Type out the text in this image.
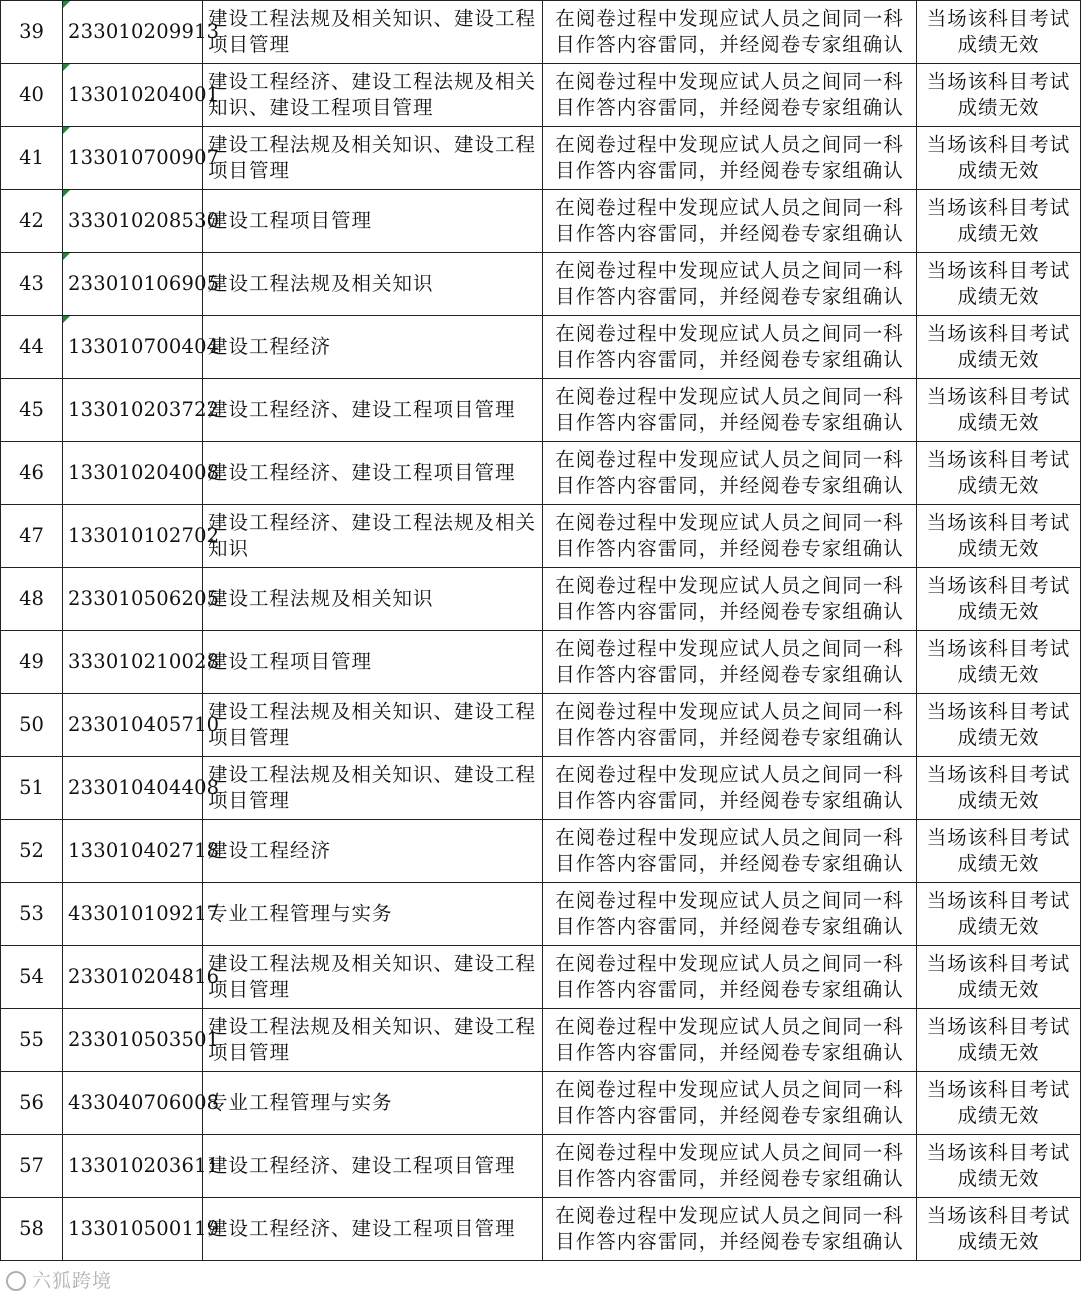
39	233010209913	建设工程法规及相关知识、建设工程项目管理	在阅卷过程中发现应试人员之间同一科目作答内容雷同，并经阅卷专家组确认	当场该科目考试成绩无效
40	133010204001	建设工程经济、建设工程法规及相关知识、建设工程项目管理	在阅卷过程中发现应试人员之间同一科目作答内容雷同，并经阅卷专家组确认	当场该科目考试成绩无效
41	133010700907	建设工程法规及相关知识、建设工程项目管理	在阅卷过程中发现应试人员之间同一科目作答内容雷同，并经阅卷专家组确认	当场该科目考试成绩无效
42	333010208530	建设工程项目管理	在阅卷过程中发现应试人员之间同一科目作答内容雷同，并经阅卷专家组确认	当场该科目考试成绩无效
43	233010106905	建设工程法规及相关知识	在阅卷过程中发现应试人员之间同一科目作答内容雷同，并经阅卷专家组确认	当场该科目考试成绩无效
44	133010700404	建设工程经济	在阅卷过程中发现应试人员之间同一科目作答内容雷同，并经阅卷专家组确认	当场该科目考试成绩无效
45	133010203722	建设工程经济、建设工程项目管理	在阅卷过程中发现应试人员之间同一科目作答内容雷同，并经阅卷专家组确认	当场该科目考试成绩无效
46	133010204008	建设工程经济、建设工程项目管理	在阅卷过程中发现应试人员之间同一科目作答内容雷同，并经阅卷专家组确认	当场该科目考试成绩无效
47	133010102702	建设工程经济、建设工程法规及相关知识	在阅卷过程中发现应试人员之间同一科目作答内容雷同，并经阅卷专家组确认	当场该科目考试成绩无效
48	233010506205	建设工程法规及相关知识	在阅卷过程中发现应试人员之间同一科目作答内容雷同，并经阅卷专家组确认	当场该科目考试成绩无效
49	333010210028	建设工程项目管理	在阅卷过程中发现应试人员之间同一科目作答内容雷同，并经阅卷专家组确认	当场该科目考试成绩无效
50	233010405710	建设工程法规及相关知识、建设工程项目管理	在阅卷过程中发现应试人员之间同一科目作答内容雷同，并经阅卷专家组确认	当场该科目考试成绩无效
51	233010404408	建设工程法规及相关知识、建设工程项目管理	在阅卷过程中发现应试人员之间同一科目作答内容雷同，并经阅卷专家组确认	当场该科目考试成绩无效
52	133010402718	建设工程经济	在阅卷过程中发现应试人员之间同一科目作答内容雷同，并经阅卷专家组确认	当场该科目考试成绩无效
53	433010109217	专业工程管理与实务	在阅卷过程中发现应试人员之间同一科目作答内容雷同，并经阅卷专家组确认	当场该科目考试成绩无效
54	233010204816	建设工程法规及相关知识、建设工程项目管理	在阅卷过程中发现应试人员之间同一科目作答内容雷同，并经阅卷专家组确认	当场该科目考试成绩无效
55	233010503501	建设工程法规及相关知识、建设工程项目管理	在阅卷过程中发现应试人员之间同一科目作答内容雷同，并经阅卷专家组确认	当场该科目考试成绩无效
56	433040706008	专业工程管理与实务	在阅卷过程中发现应试人员之间同一科目作答内容雷同，并经阅卷专家组确认	当场该科目考试成绩无效
57	133010203611	建设工程经济、建设工程项目管理	在阅卷过程中发现应试人员之间同一科目作答内容雷同，并经阅卷专家组确认	当场该科目考试成绩无效
58	133010500119	建设工程经济、建设工程项目管理	在阅卷过程中发现应试人员之间同一科目作答内容雷同，并经阅卷专家组确认	当场该科目考试成绩无效
六狐跨境
